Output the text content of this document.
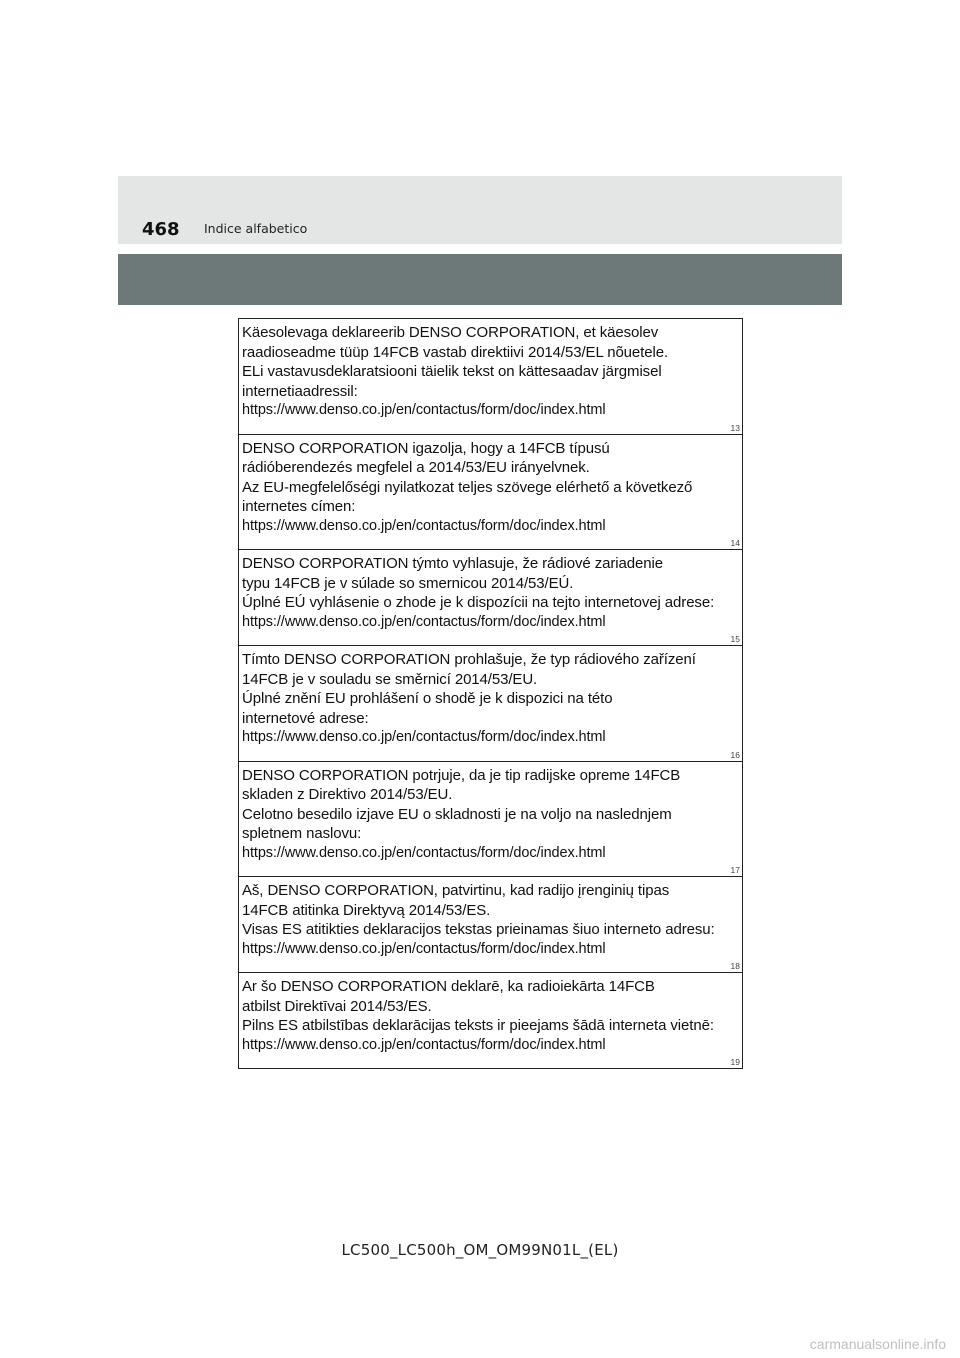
468 Indice alfabetico
Käesolevaga deklareerib DENSO CORPORATION, et käesolev
raadioseadme tüüp 14FCB vastab direktiivi 2014/53/EL nõuetele.
ELi vastavusdeklaratsiooni täielik tekst on kättesaadav järgmisel
internetiaadressil:
https://www.denso.co.jp/en/contactus/form/doc/index.html
13
DENSO CORPORATION igazolja, hogy a 14FCB típusú
rádióberendezés megfelel a 2014/53/EU irányelvnek.
Az EU-megfelelőségi nyilatkozat teljes szövege elérhető a következő
internetes címen:
https://www.denso.co.jp/en/contactus/form/doc/index.html
14
DENSO CORPORATION týmto vyhlasuje, že rádiové zariadenie
typu 14FCB je v súlade so smernicou 2014/53/EÚ.
Úplné EÚ vyhlásenie o zhode je k dispozícii na tejto internetovej adrese:
https://www.denso.co.jp/en/contactus/form/doc/index.html
15
Tímto DENSO CORPORATION prohlašuje, že typ rádiového zařízení
14FCB je v souladu se směrnicí 2014/53/EU.
Úplné znění EU prohlášení o shodě je k dispozici na této
internetové adrese:
https://www.denso.co.jp/en/contactus/form/doc/index.html
16
DENSO CORPORATION potrjuje, da je tip radijske opreme 14FCB
skladen z Direktivo 2014/53/EU.
Celotno besedilo izjave EU o skladnosti je na voljo na naslednjem
spletnem naslovu:
https://www.denso.co.jp/en/contactus/form/doc/index.html
17
Aš, DENSO CORPORATION, patvirtinu, kad radijo įrenginių tipas
14FCB atitinka Direktyvą 2014/53/ES.
Visas ES atitikties deklaracijos tekstas prieinamas šiuo interneto adresu:
https://www.denso.co.jp/en/contactus/form/doc/index.html
18
Ar šo DENSO CORPORATION deklarē, ka radioiekārta 14FCB
atbilst Direktīvai 2014/53/ES.
Pilns ES atbilstības deklarācijas teksts ir pieejams šādā interneta vietnē:
https://www.denso.co.jp/en/contactus/form/doc/index.html
19
LC500_LC500h_OM_OM99N01L_(EL)
carmanualsonline.info
